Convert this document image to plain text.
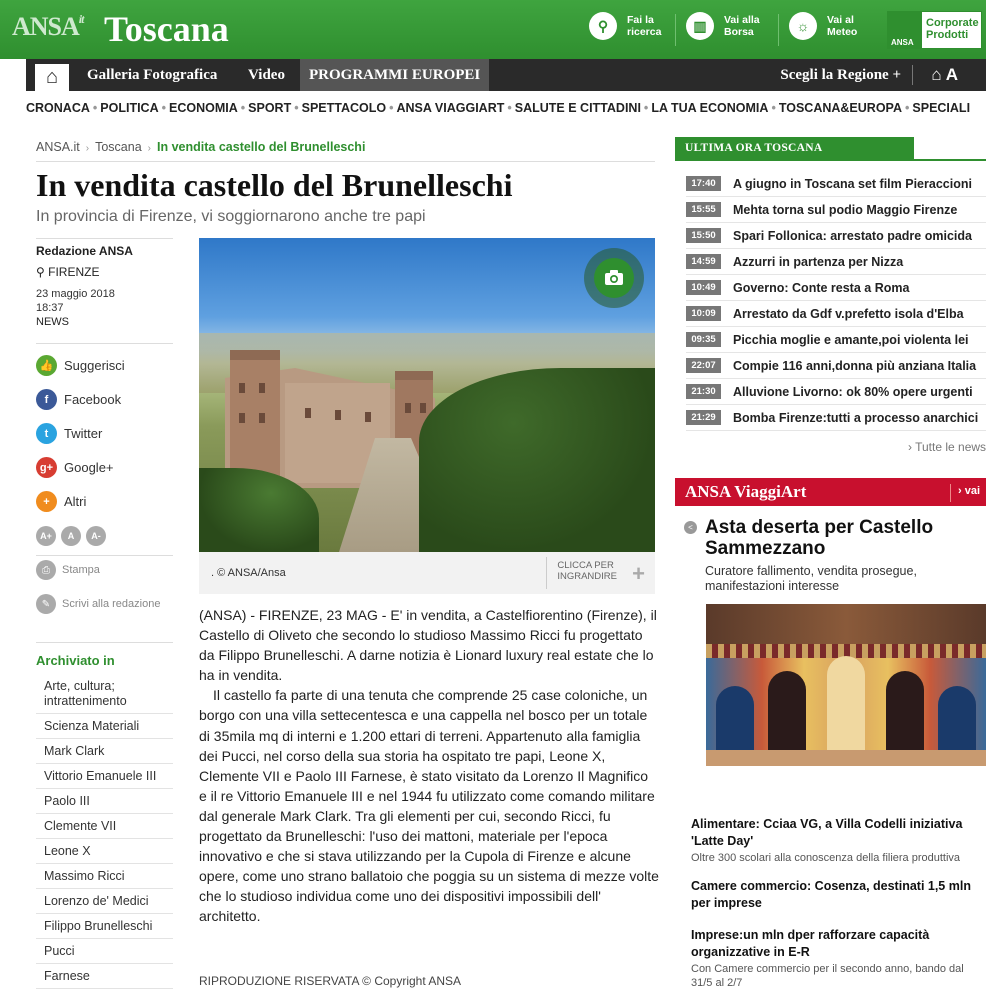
$ANSA^{it}$ Toscana	⚲	Fai la
ricerca	▥	Vai alla
Borsa	☼	Vai al
Meteo
ANSA
Corporate
Prodotti
⌂ Galleria Fotografica Video	PROGRAMMI EUROPEI	Scegli la Regione + ⌂ A
CRONACA • POLITICA • ECONOMIA • SPORT • SPETTACOLO • ANSA VIAGGIART • SALUTE E CITTADINI • LA TUA ECONOMIA • TOSCANA&EUROPA • SPECIALI
ANSA.it › Toscana › In vendita castello del Brunelleschi
In vendita castello del Brunelleschi
In provincia di Firenze, vi soggiornarono anche tre papi
Redazione ANSA
⚲ FIRENZE
23 maggio 2018
18:37
NEWS
👍 Suggerisci
f	Facebook
t	Twitter
g+ Google+
+	Altri
A+	A	A-
⎙	Stampa
✎	Scrivi alla redazione
Archiviato in
Arte, cultura; intrattenimento
Scienza Materiali
Mark Clark
Vittorio Emanuele III
Paolo III
Clemente VII
Leone X
Massimo Ricci
Lorenzo de' Medici
Filippo Brunelleschi
Pucci
Farnese
. © ANSA/Ansa
CLICCA PER
INGRANDIRE +

(ANSA) - FIRENZE, 23 MAG - E' in vendita, a Castelfiorentino (Firenze), il Castello di Oliveto che secondo lo studioso Massimo Ricci fu progettato da Filippo Brunelleschi. A darne notizia è Lionard luxury real estate che lo ha in vendita.

Il castello fa parte di una tenuta che comprende 25 case coloniche, un borgo con una villa settecentesca e una cappella nel bosco per un totale di 35mila mq di interni e 1.200 ettari di terreni. Appartenuto alla famiglia dei Pucci, nel corso della sua storia ha ospitato tre papi, Leone X, Clemente VII e Paolo III Farnese, è stato visitato da Lorenzo Il Magnifico e il re Vittorio Emanuele III e nel 1944 fu utilizzato come comando militare dal generale Mark Clark. Tra gli elementi per cui, secondo Ricci, fu progettato da Brunelleschi: l'uso dei mattoni, materiale per l'epoca innovativo e che si stava utilizzando per la Cupola di Firenze e alcune opere, come uno strano ballatoio che poggia su un sistema di mezze volte che lo studioso individua come uno dei dispositivi impossibili dell' architetto.

RIPRODUZIONE RISERVATA © Copyright ANSA
ULTIMA ORA TOSCANA
17:40	A giugno in Toscana set film Pieraccioni
15:55	Mehta torna sul podio Maggio Firenze
15:50	Spari Follonica: arrestato padre omicida
14:59	Azzurri in partenza per Nizza
10:49	Governo: Conte resta a Roma
10:09	Arrestato da Gdf v.prefetto isola d'Elba
09:35	Picchia moglie e amante,poi violenta lei
22:07	Compie 116 anni,donna più anziana Italia
21:30	Alluvione Livorno: ok 80% opere urgenti
21:29	Bomba Firenze:tutti a processo anarchici
› Tutte le news
ANSA ViaggiArt	› vai
< Asta deserta per Castello Sammezzano
Curatore fallimento, vendita prosegue, manifestazioni interesse
Alimentare: Cciaa VG, a Villa Codelli iniziativa 'Latte Day'
Oltre 300 scolari alla conoscenza della filiera produttiva
Camere commercio: Cosenza, destinati 1,5 mln per imprese
Imprese:un mln dper rafforzare capacità organizzative in E-R
Con Camere commercio per il secondo anno, bando dal 31/5 al 2/7
